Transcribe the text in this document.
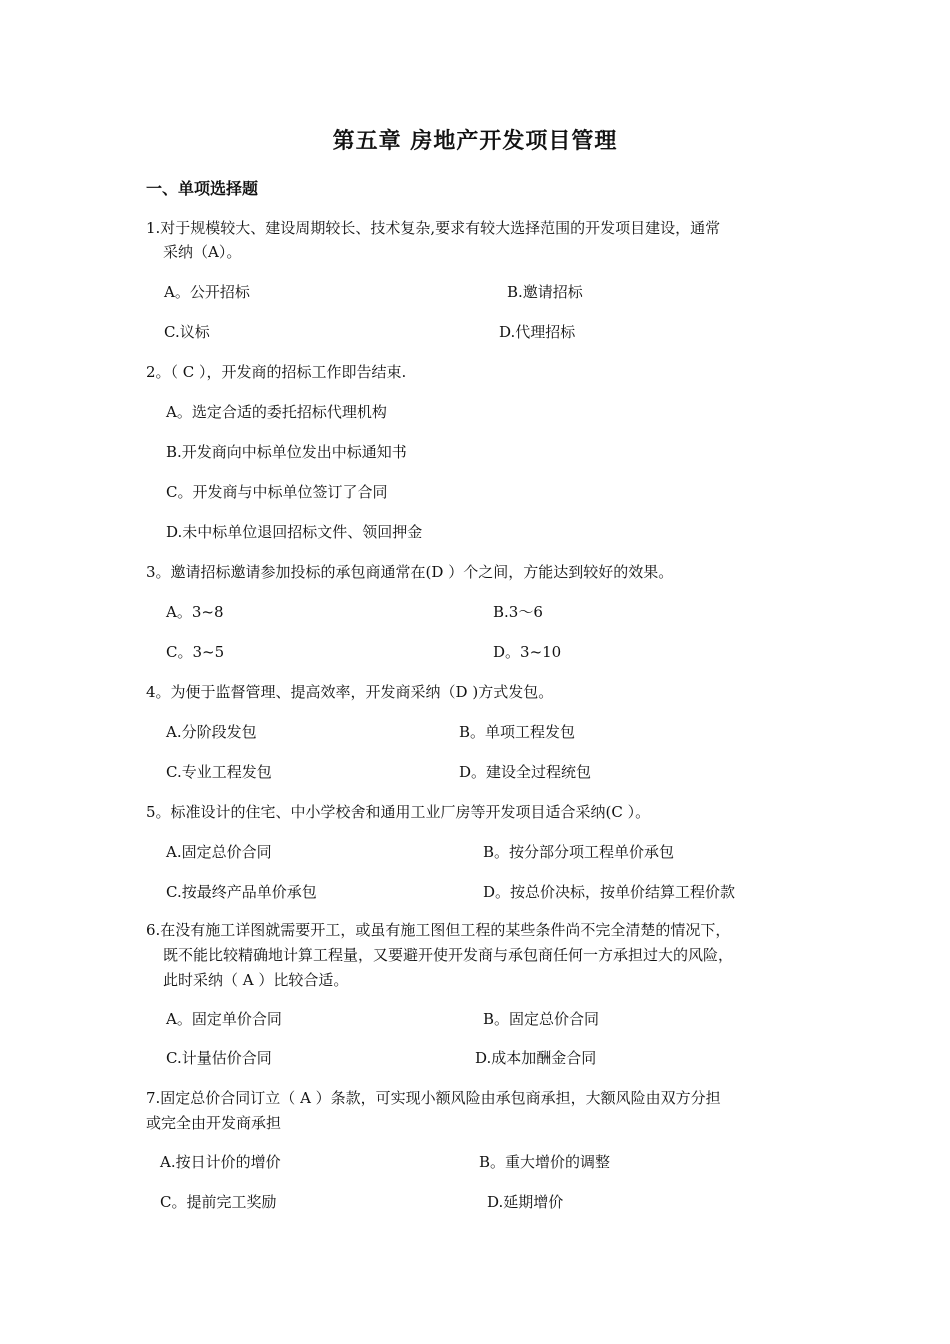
第五章 房地产开发项目管理
一、单项选择题
1.对于规模较大、建设周期较长、技术复杂,要求有较大选择范围的开发项目建设，通常
采纳（A）。
A。公开招标	B.邀请招标
C.议标	D.代理招标
2。（ C ），开发商的招标工作即告结束.
A。选定合适的委托招标代理机构
B.开发商向中标单位发出中标通知书
C。开发商与中标单位签订了合同
D.未中标单位退回招标文件、领回押金
3。邀请招标邀请参加投标的承包商通常在(D ）个之间，方能达到较好的效果。
A。3~8	B.3～6
C。3~5	D。3~10
4。为便于监督管理、提高效率，开发商采纳（D )方式发包。
A.分阶段发包	B。单项工程发包
C.专业工程发包	D。建设全过程统包
5。标准设计的住宅、中小学校舍和通用工业厂房等开发项目适合采纳(C ）。
A.固定总价合同	B。按分部分项工程单价承包
C.按最终产品单价承包	D。按总价决标，按单价结算工程价款
6.在没有施工详图就需要开工，或虽有施工图但工程的某些条件尚不完全清楚的情况下，
既不能比较精确地计算工程量，又要避开使开发商与承包商任何一方承担过大的风险，
此时采纳（ A ）比较合适。
A。固定单价合同	B。固定总价合同
C.计量估价合同	D.成本加酬金合同
7.固定总价合同订立（ A ）条款，可实现小额风险由承包商承担，大额风险由双方分担
或完全由开发商承担
A.按日计价的增价	B。重大增价的调整
C。提前完工奖励	D.延期增价
